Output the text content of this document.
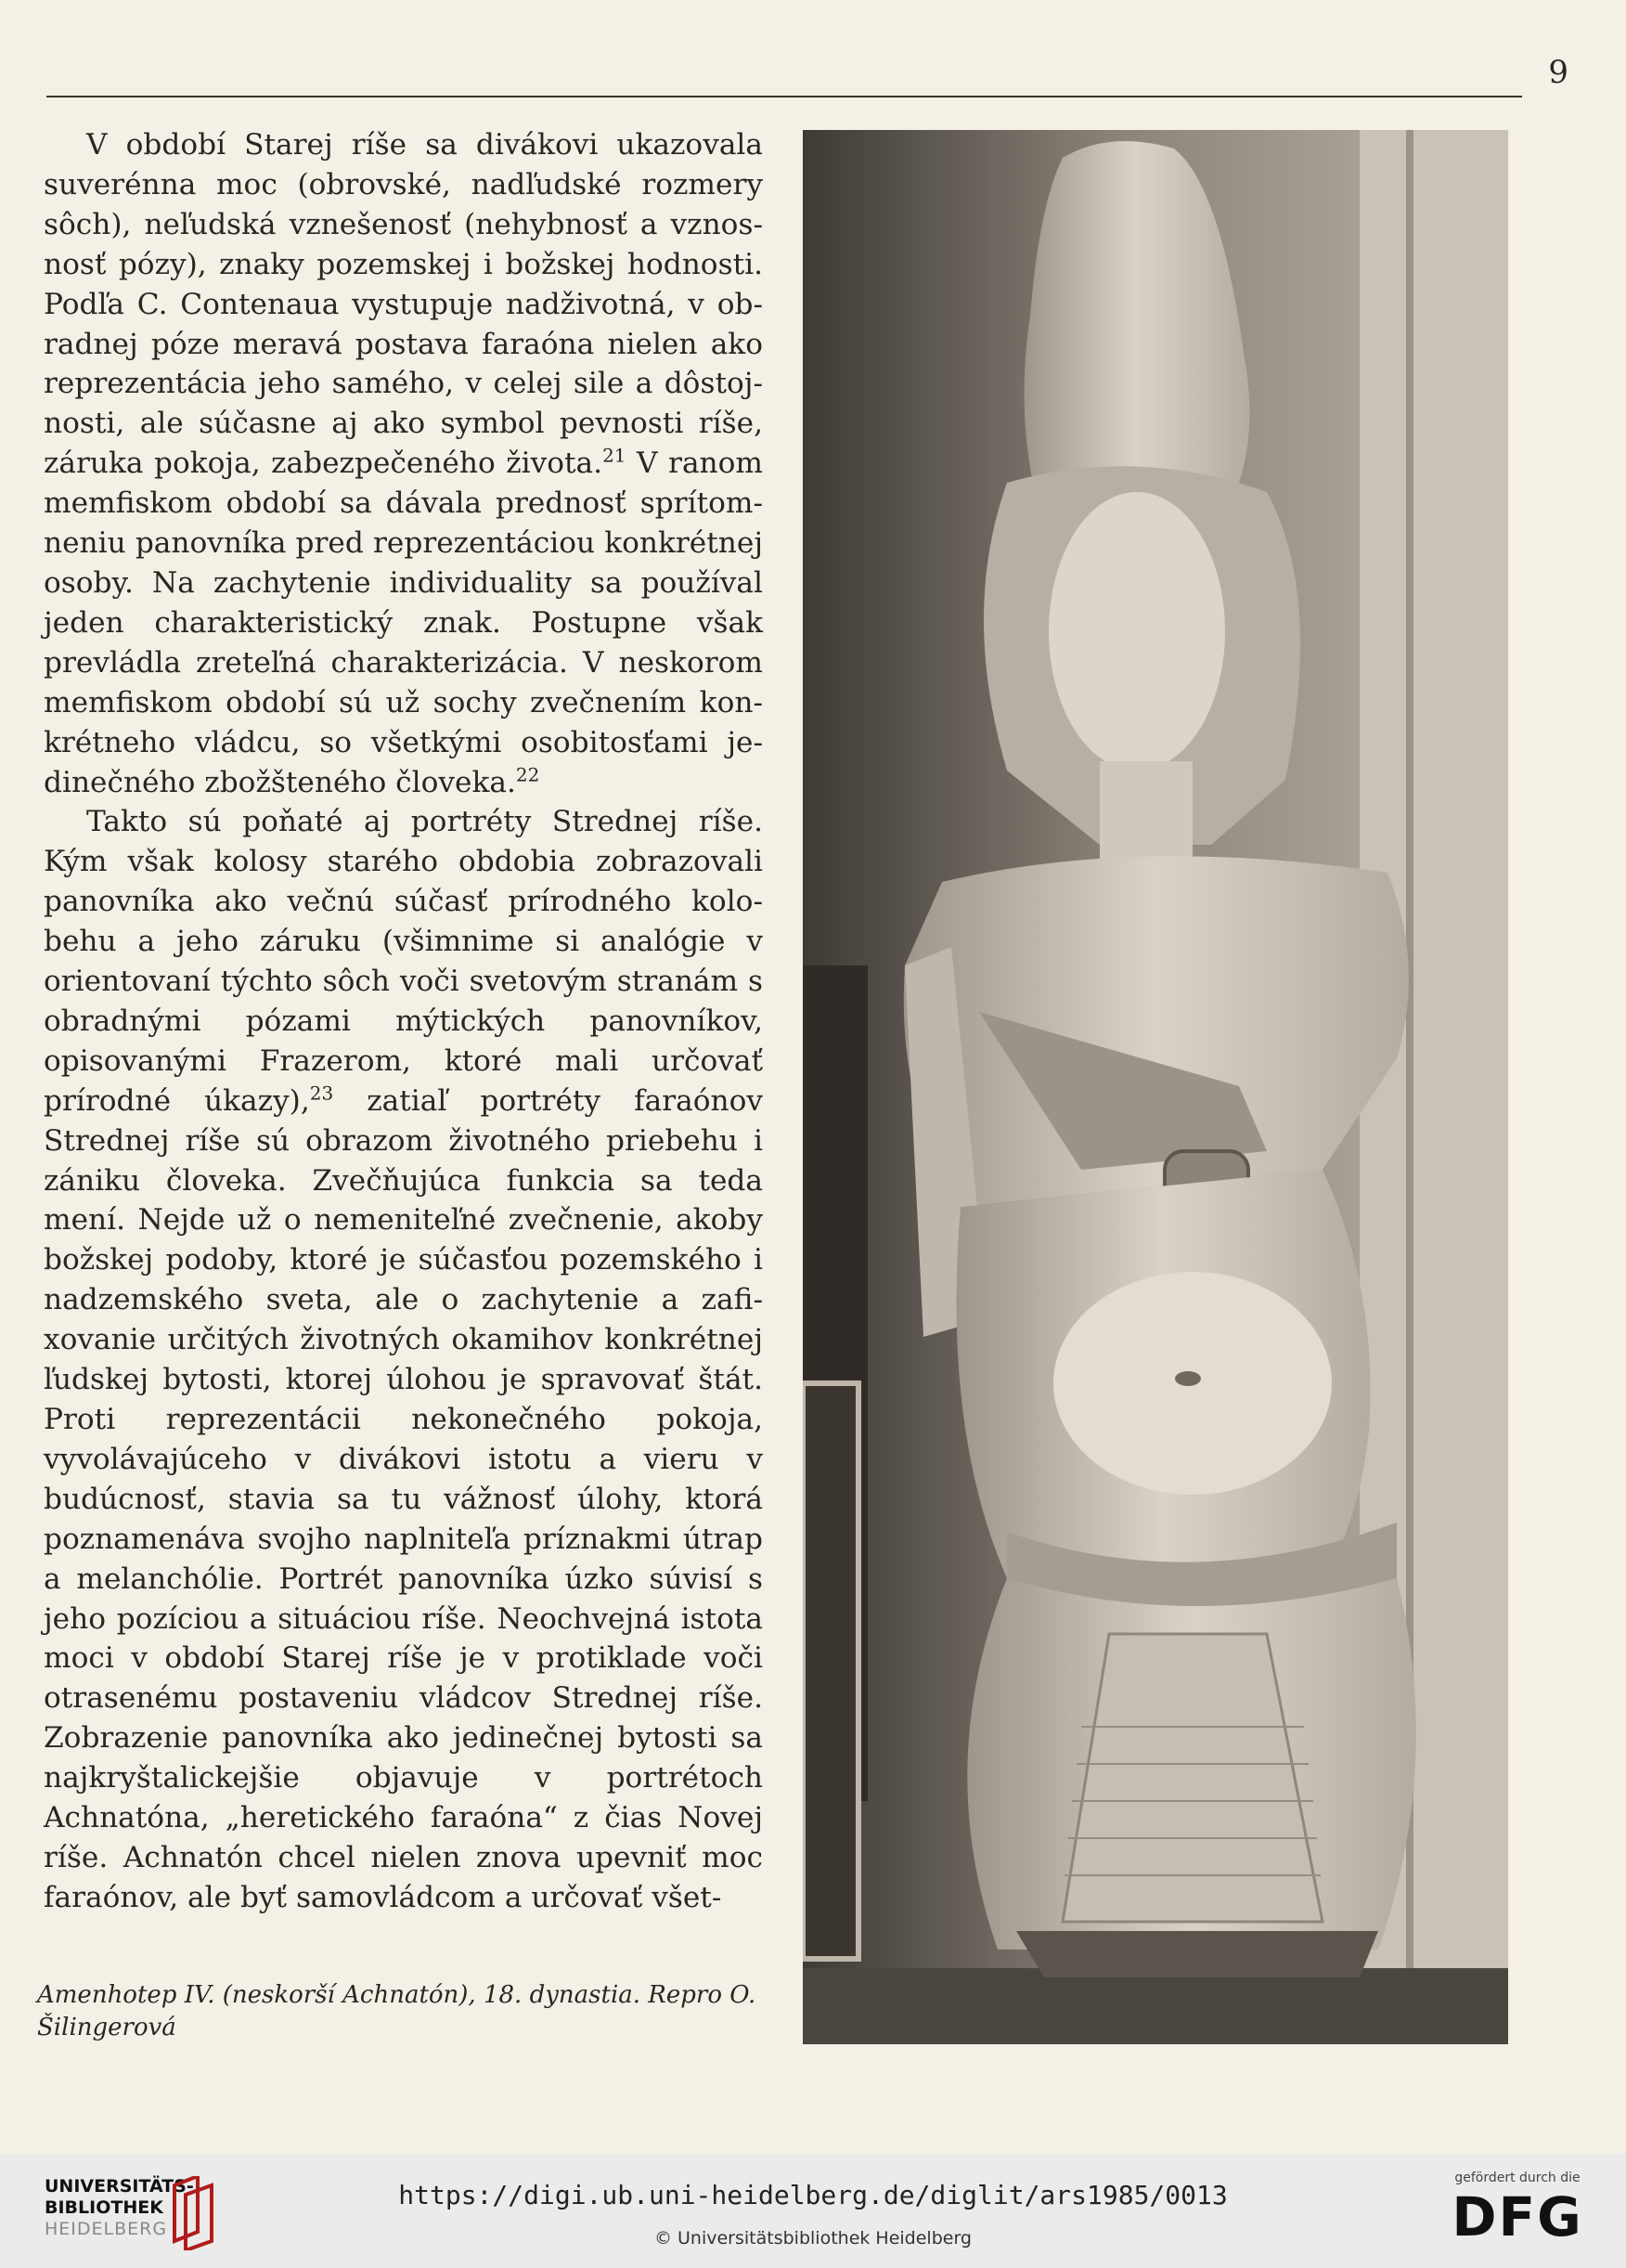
9

V období Starej ríše sa divákovi ukazovala suverénna moc (obrovské, nadľudské rozmery sôch), neľudská vznešenosť (nehybnosť a vznosnosť pózy), znaky pozemskej i božskej hodnosti. Podľa C. Contenaua vystupuje nadživotná, v obradnej póze meravá postava faraóna nielen ako reprezentácia jeho samého, v celej sile a dôstojnosti, ale súčasne aj ako symbol pevnosti ríše, záruka pokoja, zabezpečeného života.$^{21}$ V ranom memfiskom období sa dávala prednosť sprítomneniu panovníka pred reprezentáciou konkrétnej osoby. Na zachytenie individuality sa používal jeden charakteristický znak. Postupne však prevládla zreteľná charakterizácia. V neskorom memfiskom období sú už sochy zvečnením konkrétneho vládcu, so všetkými osobitosťami jedinečného zbožšteného človeka.$^{22}$

Takto sú poňaté aj portréty Strednej ríše. Kým však kolosy starého obdobia zobrazovali panovníka ako večnú súčasť prírodného kolobehu a jeho záruku (všimnime si analógie v orientovaní týchto sôch voči svetovým stranám s obradnými pózami mýtických panovníkov, opisovanými Frazerom, ktoré mali určovať prírodné úkazy),$^{23}$ zatiaľ portréty faraónov Strednej ríše sú obrazom životného priebehu i zániku človeka. Zvečňujúca funkcia sa teda mení. Nejde už o nemeniteľné zvečnenie, akoby božskej podoby, ktoré je súčasťou pozemského i nadzemského sveta, ale o zachytenie a zafixovanie určitých životných okamihov konkrétnej ľudskej bytosti, ktorej úlohou je spravovať štát. Proti reprezentácii nekonečného pokoja, vyvolávajúceho v divákovi istotu a vieru v budúcnosť, stavia sa tu vážnosť úlohy, ktorá poznamenáva svojho naplniteľa príznakmi útrap a melanchólie. Portrét panovníka úzko súvisí s jeho pozíciou a situáciou ríše. Neochvejná istota moci v období Starej ríše je v protiklade voči otrasenému postaveniu vládcov Strednej ríše. Zobrazenie panovníka ako jedinečnej bytosti sa najkryštalickejšie objavuje v portrétoch Achnatóna, „heretického faraóna“ z čias Novej ríše. Achnatón chcel nielen znova upevniť moc faraónov, ale byť samovládcom a určovať všet-

Amenhotep IV. (neskorší Achnatón), 18. dynastia. Repro O. Šilingerová
UNIVERSITÄTS-
BIBLIOTHEK
HEIDELBERG
https://digi.ub.uni-heidelberg.de/diglit/ars1985/0013
© Universitätsbibliothek Heidelberg
gefördert durch die
DFG
